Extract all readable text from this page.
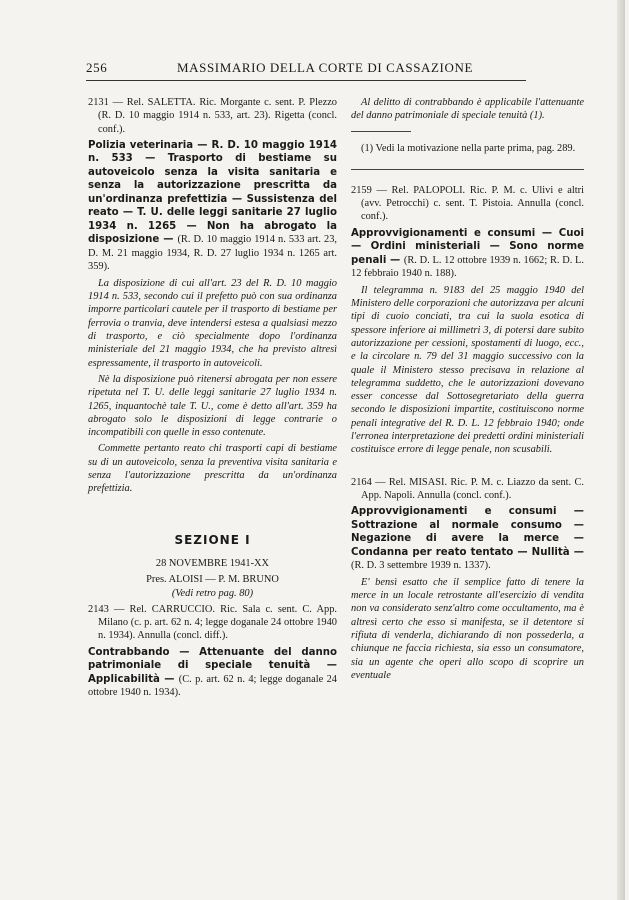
256	MASSIMARIO DELLA CORTE DI CASSAZIONE

2131 — Rel. SALETTA. Ric. Morgante c. sent. P. Plezzo (R. D. 10 maggio 1914 n. 533, art. 23). Rigetta (concl. conf.).

Polizia veterinaria — R. D. 10 maggio 1914 n. 533 — Trasporto di bestiame su autoveicolo senza la visita sanitaria e senza la autorizzazione prescritta da un'ordinanza prefettizia — Sussistenza del reato — T. U. delle leggi sanitarie 27 luglio 1934 n. 1265 — Non ha abrogato la disposizione — (R. D. 10 maggio 1914 n. 533 art. 23, D. M. 21 maggio 1934, R. D. 27 luglio 1934 n. 1265 art. 359).

La disposizione di cui all'art. 23 del R. D. 10 maggio 1914 n. 533, secondo cui il prefetto può con sua ordinanza imporre particolari cautele per il trasporto di bestiame per ferrovia o tranvia, deve intendersi estesa a qualsiasi mezzo di trasporto, e ciò specialmente dopo l'ordinanza ministeriale del 21 maggio 1934, che ha previsto altresì espressamente, il trasporto in autoveicoli.

Nè la disposizione può ritenersi abrogata per non essere ripetuta nel T. U. delle leggi sanitarie 27 luglio 1934 n. 1265, inquantochè tale T. U., come è detto all'art. 359 ha abrogato solo le disposizioni di legge contrarie o incompatibili con quelle in esso contenute.

Commette pertanto reato chi trasporti capi di bestiame su di un autoveicolo, senza la preventiva visita sanitaria e senza l'autorizzazione prescritta da un'ordinanza prefettizia.

SEZIONE I

28 NOVEMBRE 1941-XX

Pres. ALOISI — P. M. BRUNO

(Vedi retro pag. 80)

2143 — Rel. CARRUCCIO. Ric. Sala c. sent. C. App. Milano (c. p. art. 62 n. 4; legge doganale 24 ottobre 1940 n. 1934). Annulla (concl. diff.).

Contrabbando — Attenuante del danno patrimoniale di speciale tenuità — Applicabilità — (C. p. art. 62 n. 4; legge doganale 24 ottobre 1940 n. 1934).

Al delitto di contrabbando è applicabile l'attenuante del danno patrimoniale di speciale tenuità (1).

(1) Vedi la motivazione nella parte prima, pag. 289.

2159 — Rel. PALOPOLI. Ric. P. M. c. Ulivi e altri (avv. Petrocchi) c. sent. T. Pistoia. Annulla (concl. conf.).

Approvvigionamenti e consumi — Cuoi — Ordini ministeriali — Sono norme penali — (R. D. L. 12 ottobre 1939 n. 1662; R. D. L. 12 febbraio 1940 n. 188).

Il telegramma n. 9183 del 25 maggio 1940 del Ministero delle corporazioni che autorizzava per alcuni tipi di cuoio conciati, tra cui la suola esotica di spessore inferiore ai millimetri 3, di potersi dare subito autorizzazione per cessioni, spostamenti di luogo, ecc., e la circolare n. 79 del 31 maggio successivo con la quale il Ministero stesso precisava in relazione al telegramma suddetto, che le autorizzazioni dovevano esser concesse dal Sottosegretariato della guerra secondo le disposizioni impartite, costituiscono norme penali integrative del R. D. L. 12 febbraio 1940; onde l'erronea interpretazione dei predetti ordini ministeriali costituisce errore di legge penale, non scusabili.

2164 — Rel. MISASI. Ric. P. M. c. Liazzo da sent. C. App. Napoli. Annulla (concl. conf.).

Approvvigionamenti e consumi — Sottrazione al normale consumo — Negazione di avere la merce — Condanna per reato tentato — Nullità — (R. D. 3 settembre 1939 n. 1337).

E' bensì esatto che il semplice fatto di tenere la merce in un locale retrostante all'esercizio di vendita non va considerato senz'altro come occultamento, ma è altresì certo che esso si manifesta, se il detentore si rifiuta di venderla, dichiarando di non possederla, a chiunque ne faccia richiesta, sia esso un consumatore, sia un agente che operi allo scopo di scoprire un eventuale
